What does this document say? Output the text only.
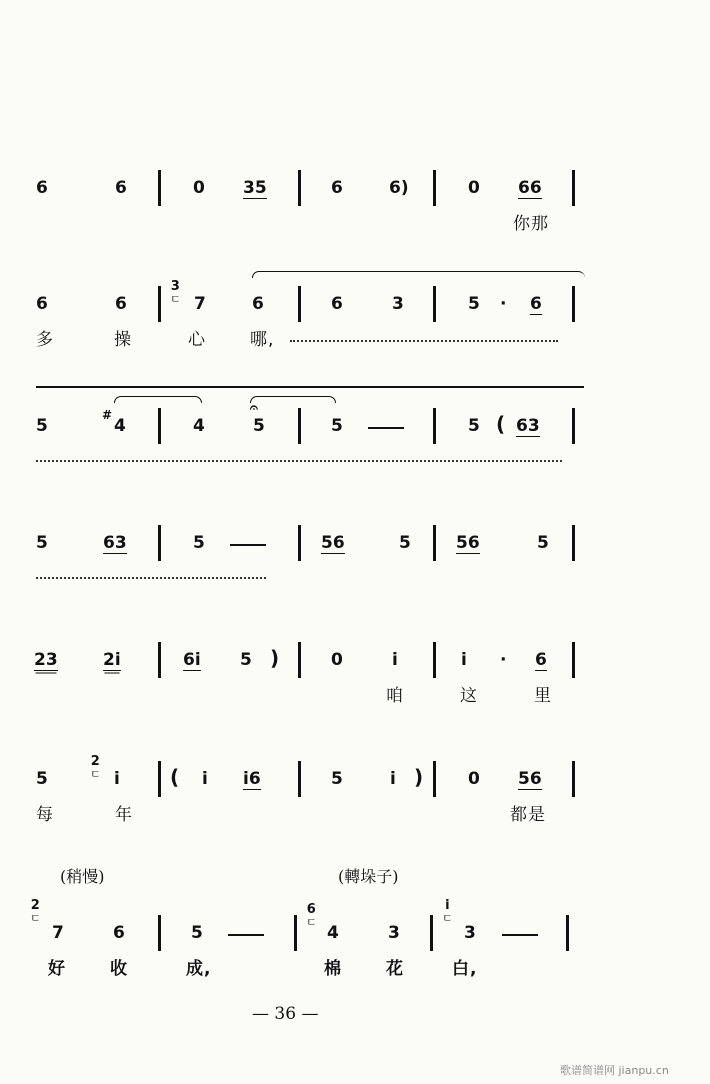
6	6	0 35	6	6)	0 66
你那
6	6
3
ㄷ 7	6	6	3	5 · 6
多	操	心	哪,
5
#
4	4
𝄐
5	5	5 ( 63
5	63	5	56	5	56	5
23	2i	6i 5 )	0	i	i · 6
咱	这	里
5
2
ㄷ i	( i i6	5	i )	0 56
每	年	都是
(稍慢)	(轉垛子)
2
ㄷ
7	6	5
6
ㄷ
4	3
i
ㄷ
3
好	收	成,	棉	花	白,
— 36 —
歌谱简谱网 jianpu.cn
